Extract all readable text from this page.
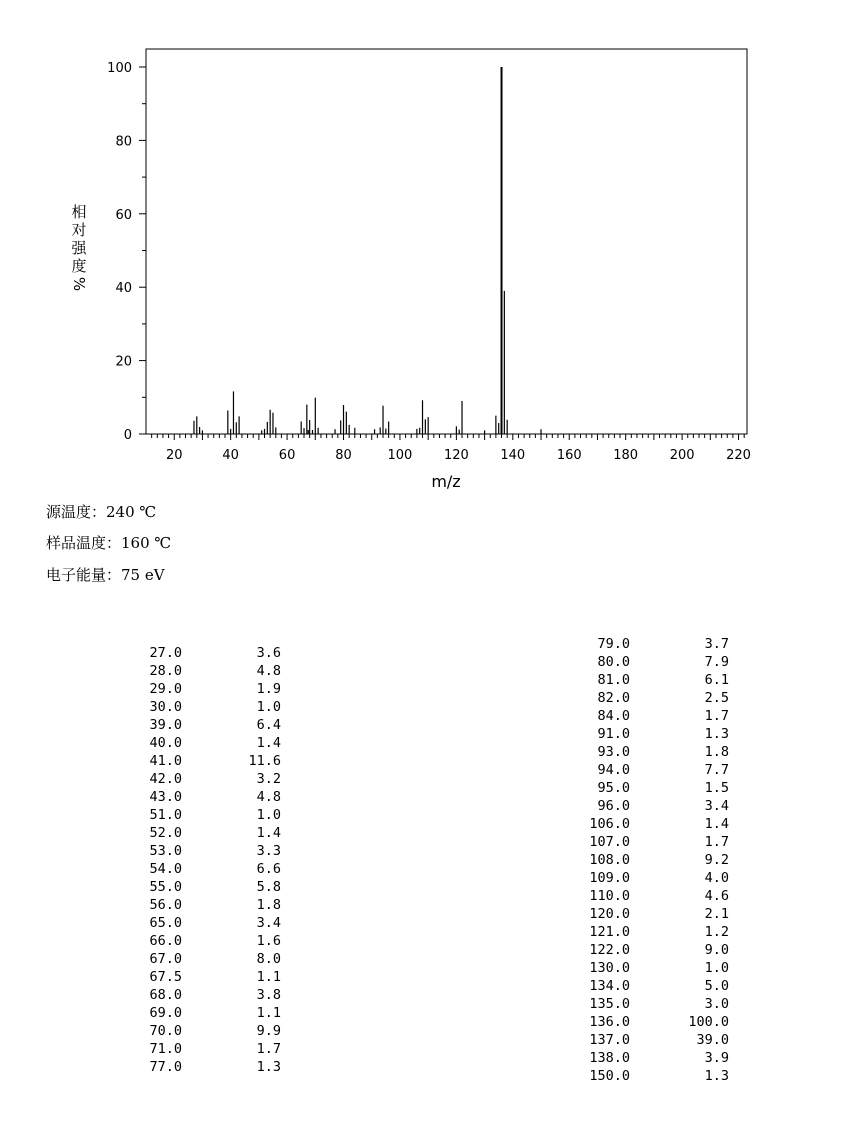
0
20
40
60
80
100
20	40	60	80	100 120 140 160 180 200 220
m/z
相
对
强
度
%
源温度：240 ℃
样品温度：160 ℃
电子能量：75 eV
27.0	3.6
28.0	4.8
29.0	1.9
30.0	1.0
39.0	6.4
40.0	1.4
41.0	11.6
42.0	3.2
43.0	4.8
51.0	1.0
52.0	1.4
53.0	3.3
54.0	6.6
55.0	5.8
56.0	1.8
65.0	3.4
66.0	1.6
67.0	8.0
67.5	1.1
68.0	3.8
69.0	1.1
70.0	9.9
71.0	1.7
77.0	1.3
79.0	3.7
80.0	7.9
81.0	6.1
82.0	2.5
84.0	1.7
91.0	1.3
93.0	1.8
94.0	7.7
95.0	1.5
96.0	3.4
106.0	1.4
107.0	1.7
108.0	9.2
109.0	4.0
110.0	4.6
120.0	2.1
121.0	1.2
122.0	9.0
130.0	1.0
134.0	5.0
135.0	3.0
136.0	100.0
137.0	39.0
138.0	3.9
150.0	1.3
